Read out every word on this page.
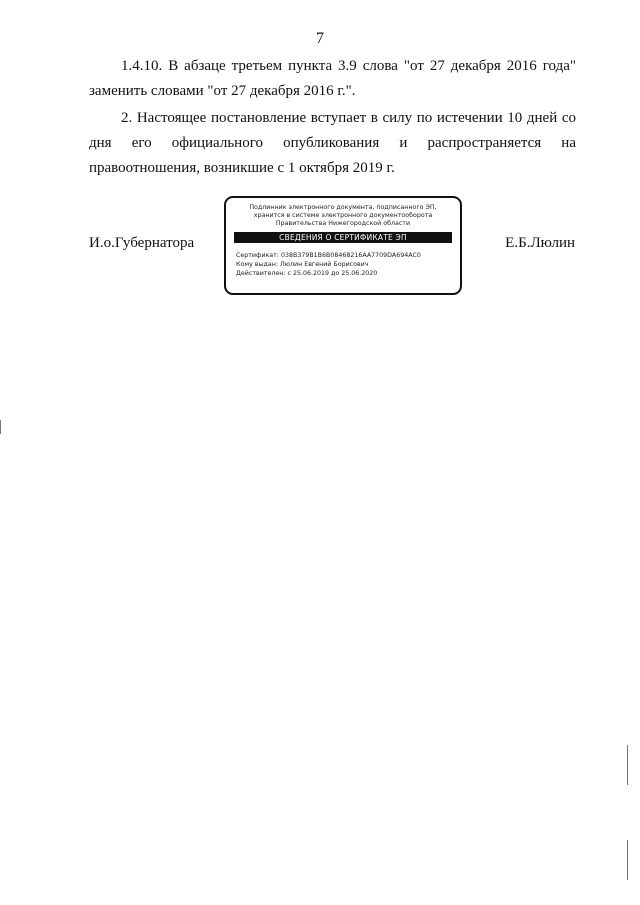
7

1.4.10. В абзаце третьем пункта 3.9 слова "от 27 декабря 2016 года" заменить словами "от 27 декабря 2016 г.".

2. Настоящее постановление вступает в силу по истечении 10 дней со дня его официального опубликования и распространяется на правоотношения, возникшие с 1 октября 2019 г.

И.о.Губернатора
Подлинник электронного документа, подписанного ЭП, хранится в системе электронного документооборота Правительства Нижегородской области
СВЕДЕНИЯ О СЕРТИФИКАТЕ ЭП
Сертификат: 038B379B1B6B08468216AA7709DA694AC0
Кому выдан: Люлин Евгений Борисович
Действителен: с 25.06.2019 до 25.06.2020
Е.Б.Люлин
